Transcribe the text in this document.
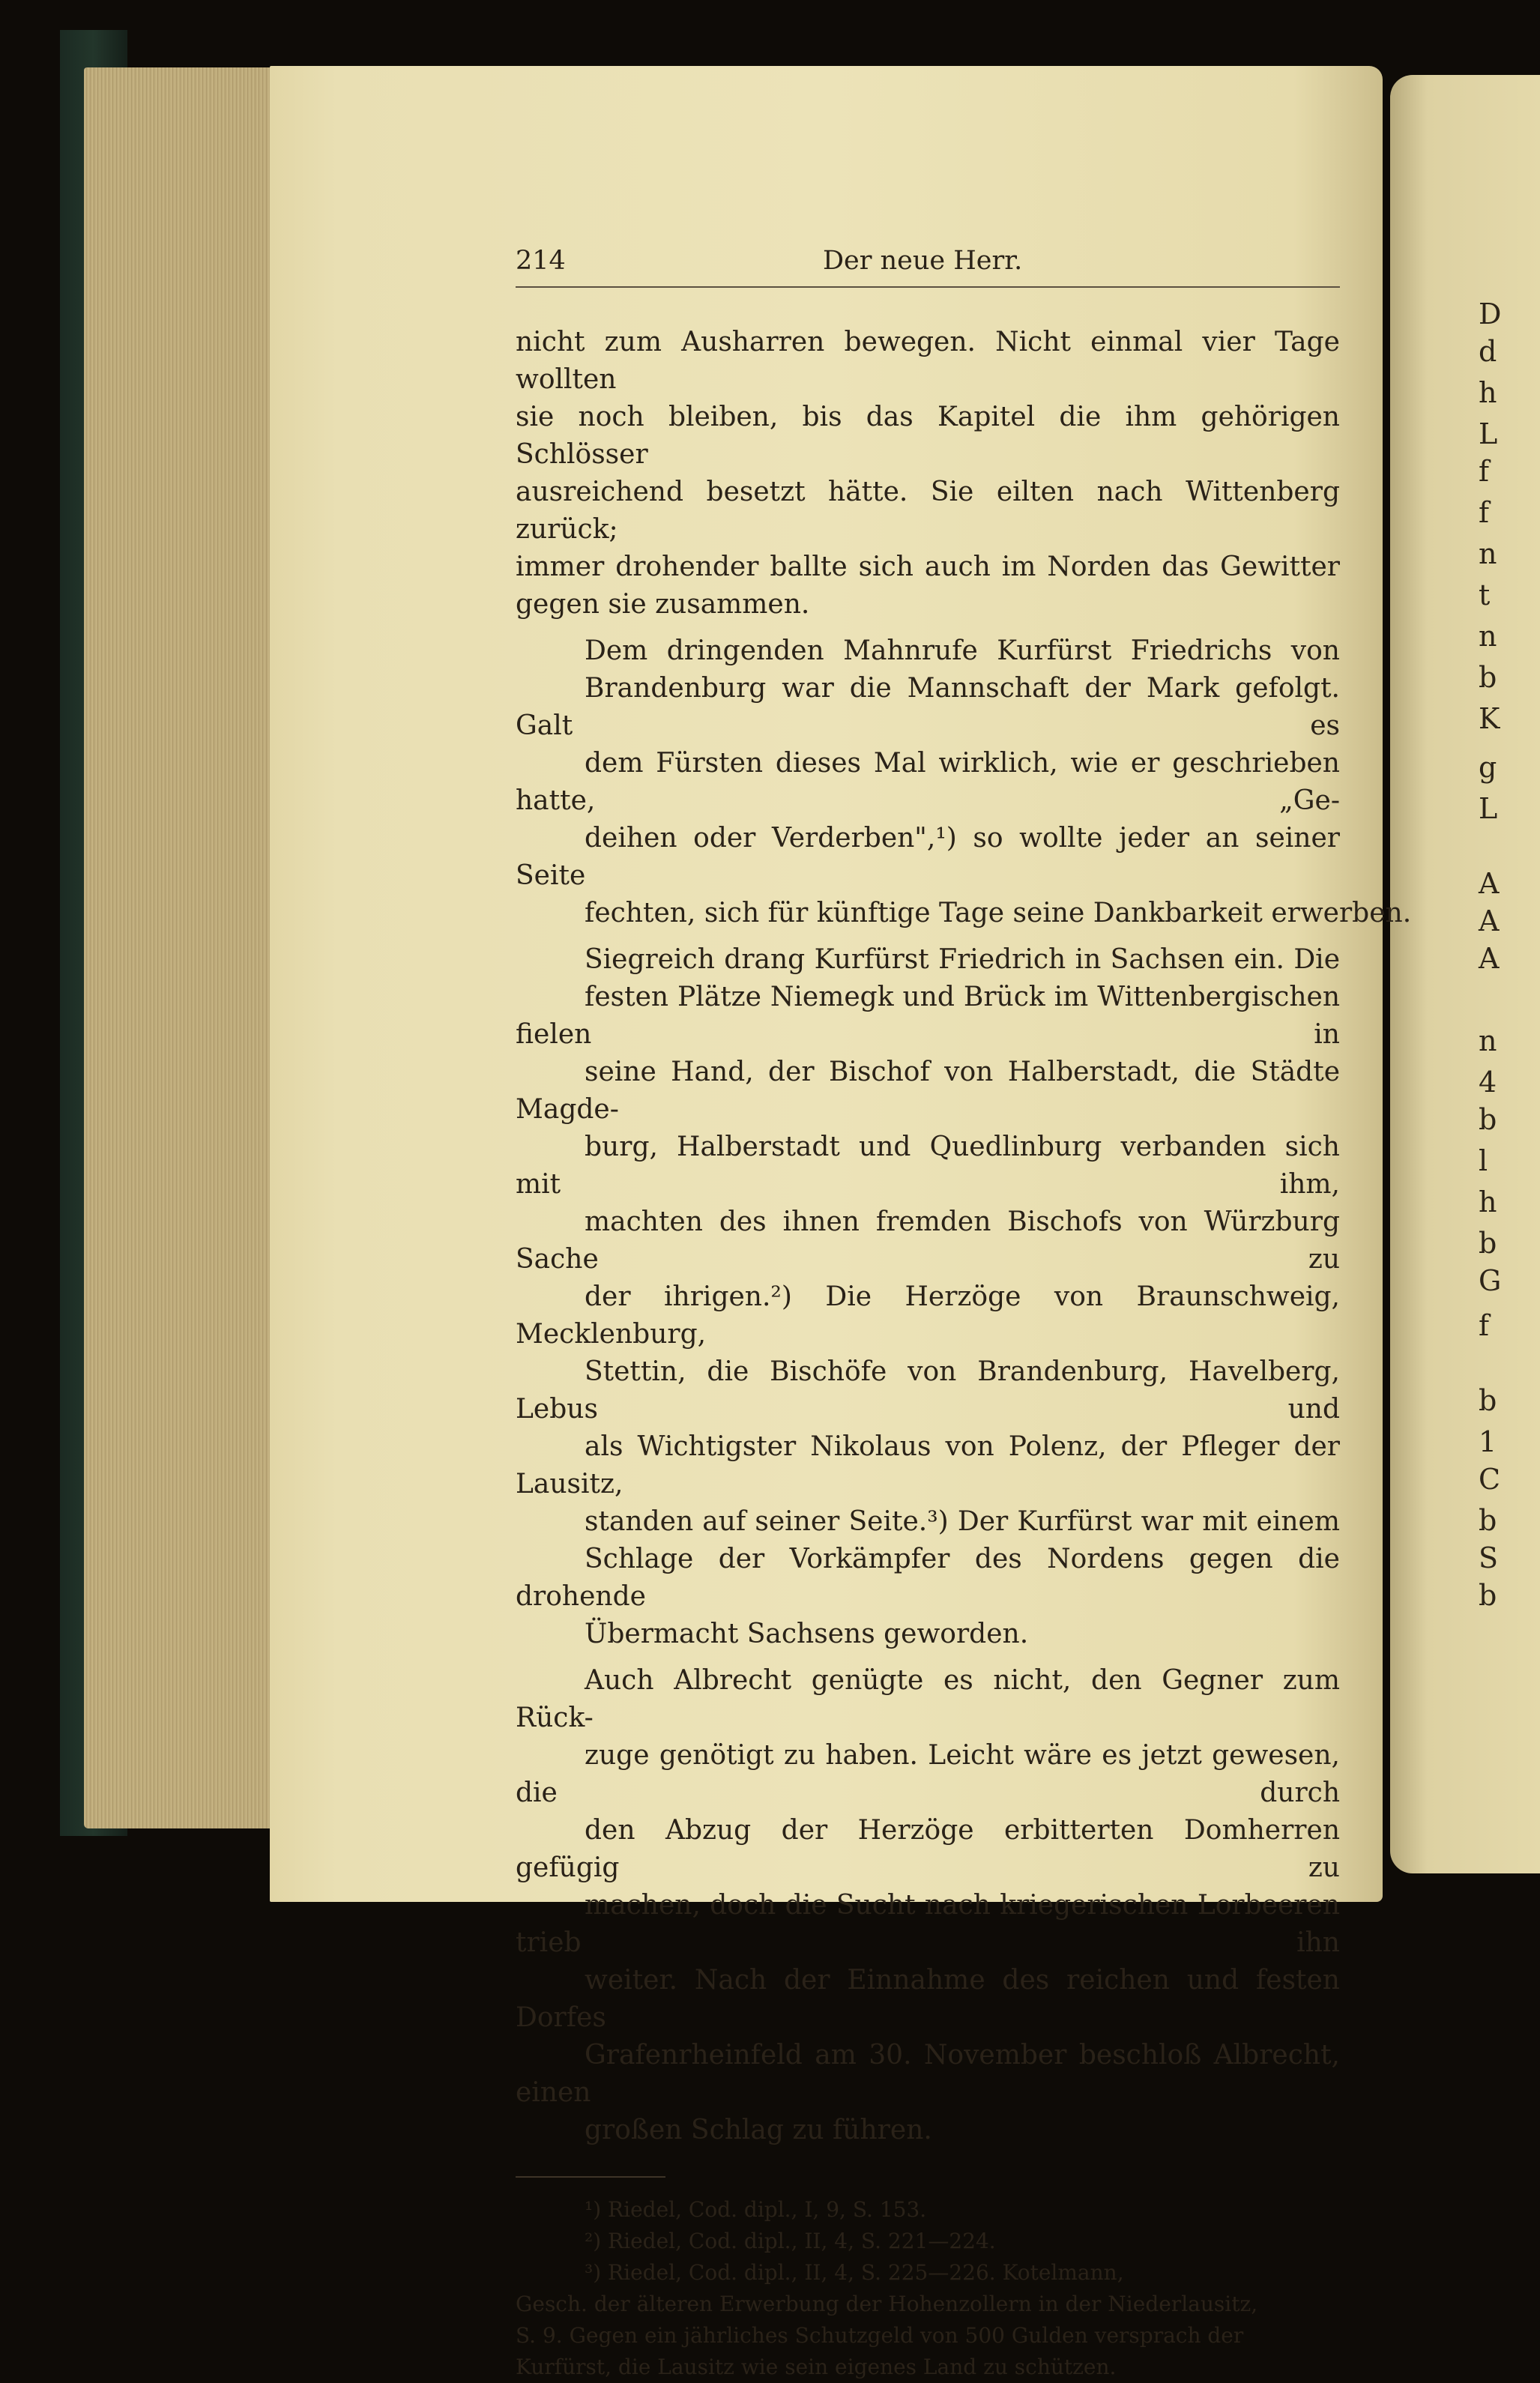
D
d
h
L
f
f
n
t
n
b
K
g
L
A
A
A
n
4
b
l
h
b
G
f
b
1
C
b
S
b
214	Der neue Herr.
nicht zum Ausharren bewegen. Nicht einmal vier Tage wollten
sie noch bleiben, bis das Kapitel die ihm gehörigen Schlösser
ausreichend besetzt hätte. Sie eilten nach Wittenberg zurück;
immer drohender ballte sich auch im Norden das Gewitter
gegen sie zusammen.
Dem dringenden Mahnrufe Kurfürst Friedrichs von
Brandenburg war die Mannschaft der Mark gefolgt. Galt es
dem Fürsten dieses Mal wirklich, wie er geschrieben hatte, „Ge-
deihen oder Verderben",¹) so wollte jeder an seiner Seite
fechten, sich für künftige Tage seine Dankbarkeit erwerben.
Siegreich drang Kurfürst Friedrich in Sachsen ein. Die
festen Plätze Niemegk und Brück im Wittenbergischen fielen in
seine Hand, der Bischof von Halberstadt, die Städte Magde-
burg, Halberstadt und Quedlinburg verbanden sich mit ihm,
machten des ihnen fremden Bischofs von Würzburg Sache zu
der ihrigen.²) Die Herzöge von Braunschweig, Mecklenburg,
Stettin, die Bischöfe von Brandenburg, Havelberg, Lebus und
als Wichtigster Nikolaus von Polenz, der Pfleger der Lausitz,
standen auf seiner Seite.³) Der Kurfürst war mit einem
Schlage der Vorkämpfer des Nordens gegen die drohende
Übermacht Sachsens geworden.
Auch Albrecht genügte es nicht, den Gegner zum Rück-
zuge genötigt zu haben. Leicht wäre es jetzt gewesen, die durch
den Abzug der Herzöge erbitterten Domherren gefügig zu
machen, doch die Sucht nach kriegerischen Lorbeeren trieb ihn
weiter. Nach der Einnahme des reichen und festen Dorfes
Grafenrheinfeld am 30. November beschloß Albrecht, einen
großen Schlag zu führen.
¹) Riedel, Cod. dipl., I, 9, S. 153.
²) Riedel, Cod. dipl., II, 4, S. 221—224.
³) Riedel, Cod. dipl., II, 4, S. 225—226. Kotelmann,
Gesch. der älteren Erwerbung der Hohenzollern in der Niederlausitz,
S. 9. Gegen ein jährliches Schutzgeld von 500 Gulden versprach der
Kurfürst, die Lausitz wie sein eigenes Land zu schützen.
